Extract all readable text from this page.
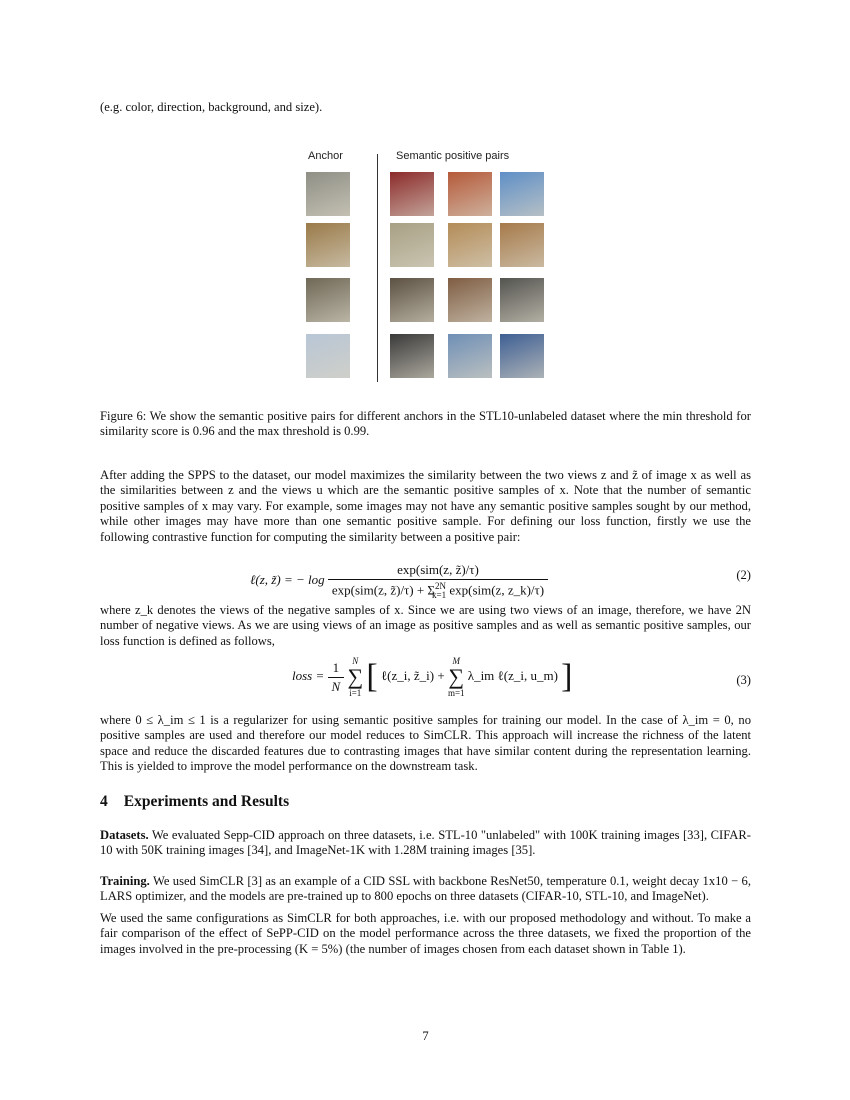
(e.g. color, direction, background, and size).

Anchor	Semantic positive pairs

Figure 6: We show the semantic positive pairs for different anchors in the STL10-unlabeled dataset where the min threshold for similarity score is 0.96 and the max threshold is 0.99.

After adding the SPPS to the dataset, our model maximizes the similarity between the two views z and z̃ of image x as well as the similarities between z and the views u which are the semantic positive samples of x. Note that the number of semantic positive samples of x may vary. For example, some images may not have any semantic positive samples sought by our method, while other images may have more than one semantic positive sample. For defining our loss function, firstly we use the following contrastive function for computing the similarity between a positive pair:

ℓ(z, z̃) = − $\log \frac{\text{exp(sim(z, z̃)/τ)}}{\exp(sim(z, z̃)/\tau) + \Sigma^{2N}_{k=1} \exp(sim(z, z\_k)/\tau)}$	(2)

where z_k denotes the views of the negative samples of x. Since we are using two views of an image, therefore, we have 2N number of negative views. As we are using views of an image as positive samples and as well as semantic positive samples, our loss function is defined as follows,

loss = $\frac{1}{N}$
N
∑
i=1 [ ℓ(z_i, z̃_i) +
M
∑
m=1
λ_im ℓ(z_i, u_m) ]	(3)

where 0 ≤ λ_im ≤ 1 is a regularizer for using semantic positive samples for training our model. In the case of λ_im = 0, no positive samples are used and therefore our model reduces to SimCLR. This approach will increase the richness of the latent space and reduce the discarded features due to contrasting images that have similar content during the representation learning. This is yielded to improve the model performance on the downstream task.

4 Experiments and Results

Datasets. We evaluated Sepp-CID approach on three datasets, i.e. STL-10 "unlabeled" with 100K training images [33], CIFAR-10 with 50K training images [34], and ImageNet-1K with 1.28M training images [35].

Training. We used SimCLR [3] as an example of a CID SSL with backbone ResNet50, temperature 0.1, weight decay 1x10 − 6, LARS optimizer, and the models are pre-trained up to 800 epochs on three datasets (CIFAR-10, STL-10, and ImageNet).

We used the same configurations as SimCLR for both approaches, i.e. with our proposed methodology and without. To make a fair comparison of the effect of SePP-CID on the model performance across the three datasets, we fixed the proportion of the images involved in the pre-processing (K = 5%) (the number of images chosen from each dataset shown in Table 1).

7
